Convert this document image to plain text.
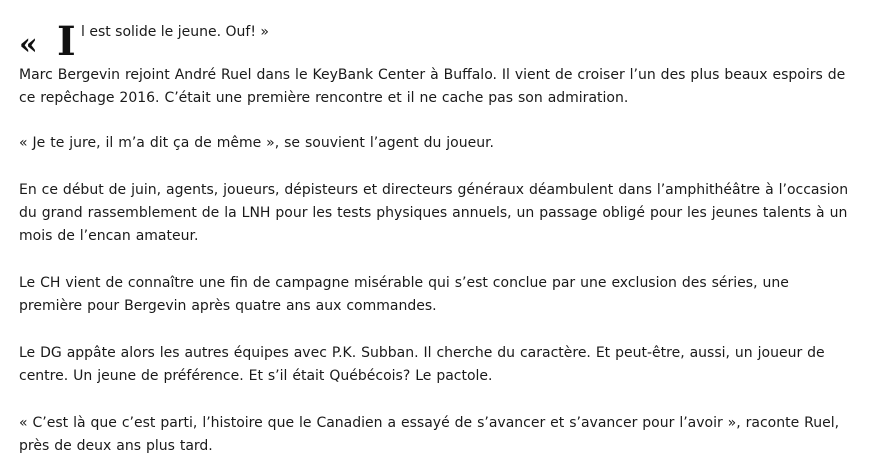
« I l est solide le jeune. Ouf! »

Marc Bergevin rejoint André Ruel dans le KeyBank Center à Buffalo. Il vient de croiser l’un des plus beaux espoirs de ce repêchage 2016. C’était une première rencontre et il ne cache pas son admiration.

« Je te jure, il m’a dit ça de même », se souvient l’agent du joueur.

En ce début de juin, agents, joueurs, dépisteurs et directeurs généraux déambulent dans l’amphithéâtre à l’occasion du grand rassemblement de la LNH pour les tests physiques annuels, un passage obligé pour les jeunes talents à un mois de l’encan amateur.

Le CH vient de connaître une fin de campagne misérable qui s’est conclue par une exclusion des séries, une première pour Bergevin après quatre ans aux commandes.

Le DG appâte alors les autres équipes avec P.K. Subban. Il cherche du caractère. Et peut-être, aussi, un joueur de centre. Un jeune de préférence. Et s’il était Québécois? Le pactole.

« C’est là que c’est parti, l’histoire que le Canadien a essayé de s’avancer et s’avancer pour l’avoir », raconte Ruel, près de deux ans plus tard.
